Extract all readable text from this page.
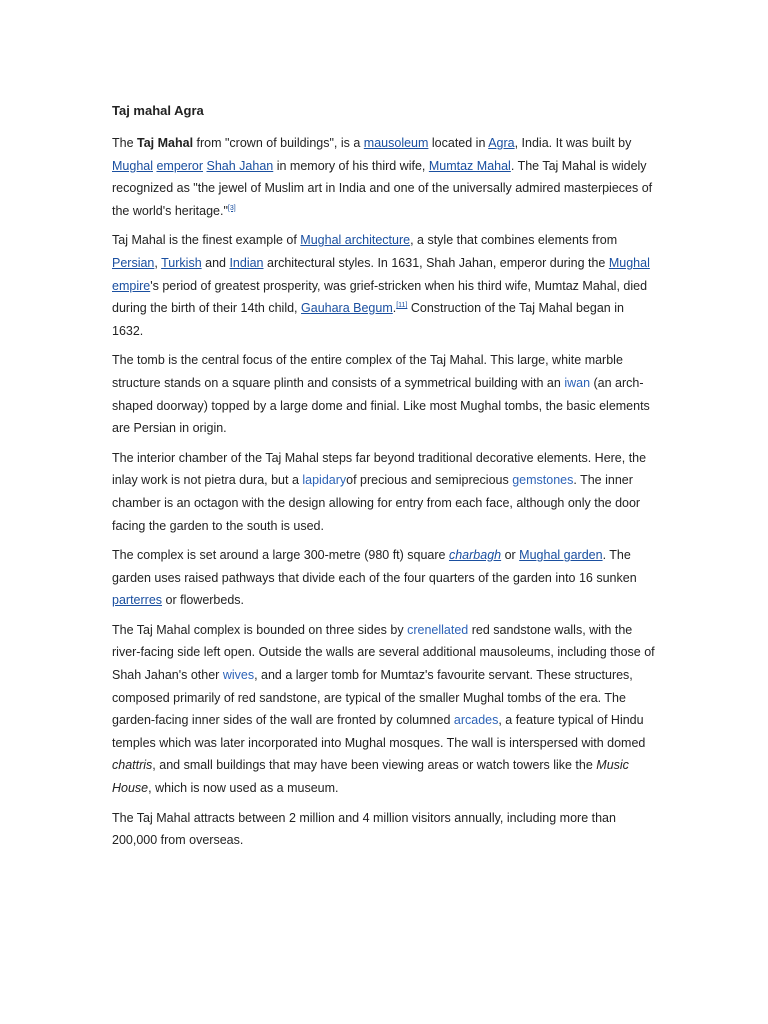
Taj mahal Agra

The Taj Mahal from "crown of buildings", is a mausoleum located in Agra, India. It was built by Mughal emperor Shah Jahan in memory of his third wife, Mumtaz Mahal. The Taj Mahal is widely recognized as "the jewel of Muslim art in India and one of the universally admired masterpieces of the world's heritage."[3]

Taj Mahal is the finest example of Mughal architecture, a style that combines elements from Persian, Turkish and Indian architectural styles. In 1631, Shah Jahan, emperor during the Mughal empire's period of greatest prosperity, was grief-stricken when his third wife, Mumtaz Mahal, died during the birth of their 14th child, Gauhara Begum.[11] Construction of the Taj Mahal began in 1632.

The tomb is the central focus of the entire complex of the Taj Mahal. This large, white marble structure stands on a square plinth and consists of a symmetrical building with an iwan (an arch-shaped doorway) topped by a large dome and finial. Like most Mughal tombs, the basic elements are Persian in origin.

The interior chamber of the Taj Mahal steps far beyond traditional decorative elements. Here, the inlay work is not pietra dura, but a lapidaryof precious and semiprecious gemstones. The inner chamber is an octagon with the design allowing for entry from each face, although only the door facing the garden to the south is used.

The complex is set around a large 300-metre (980 ft) square charbagh or Mughal garden. The garden uses raised pathways that divide each of the four quarters of the garden into 16 sunken parterres or flowerbeds.

The Taj Mahal complex is bounded on three sides by crenellated red sandstone walls, with the river-facing side left open. Outside the walls are several additional mausoleums, including those of Shah Jahan's other wives, and a larger tomb for Mumtaz's favourite servant. These structures, composed primarily of red sandstone, are typical of the smaller Mughal tombs of the era. The garden-facing inner sides of the wall are fronted by columned arcades, a feature typical of Hindu temples which was later incorporated into Mughal mosques. The wall is interspersed with domed chattris, and small buildings that may have been viewing areas or watch towers like the Music House, which is now used as a museum.

The Taj Mahal attracts between 2 million and 4 million visitors annually, including more than 200,000 from overseas.
